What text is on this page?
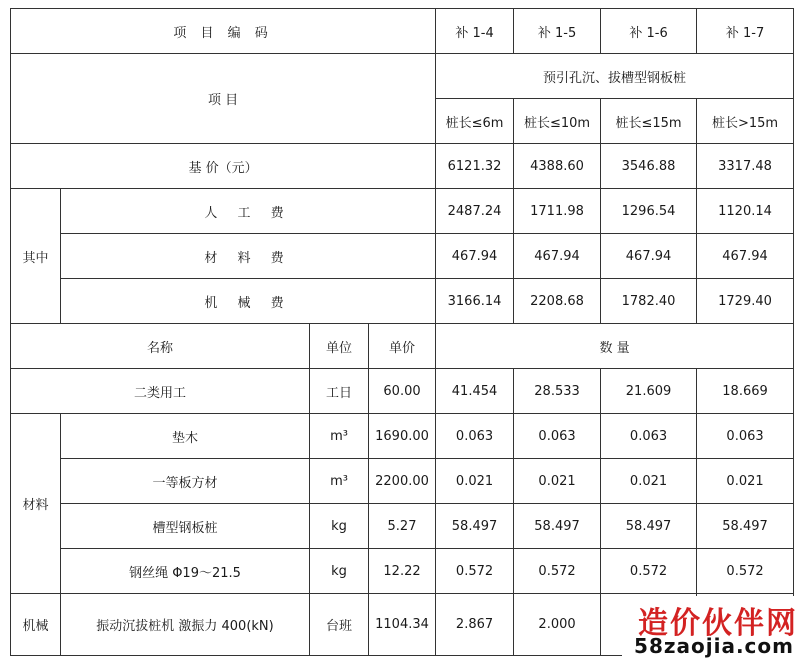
项 目 编 码				补 1-4	补 1-5	补 1-6	补 1-7
项 目				预引孔沉、拔槽型钢板桩			
				桩长≤6m	桩长≤10m	桩长≤15m	桩长>15m
基 价（元）				6121.32	4388.60	3546.88	3317.48
其中	人 工 费			2487.24	1711.98	1296.54	1120.14
	材 料 费			467.94	467.94	467.94	467.94
	机 械 费			3166.14	2208.68	1782.40	1729.40
名称		单位	单价	数 量			
二类用工		工日	60.00	41.454	28.533	21.609	18.669
材料	垫木	m³	1690.00	0.063	0.063	0.063	0.063
	一等板方材	m³	2200.00	0.021	0.021	0.021	0.021
	槽型钢板桩	kg	5.27	58.497	58.497	58.497	58.497
	钢丝绳 Φ19～21.5	kg	12.22	0.572	0.572	0.572	0.572
机械	振动沉拔桩机 激振力 400(kN)	台班	1104.34	2.867	2.000		造价伙伴网
58zaojia.com
